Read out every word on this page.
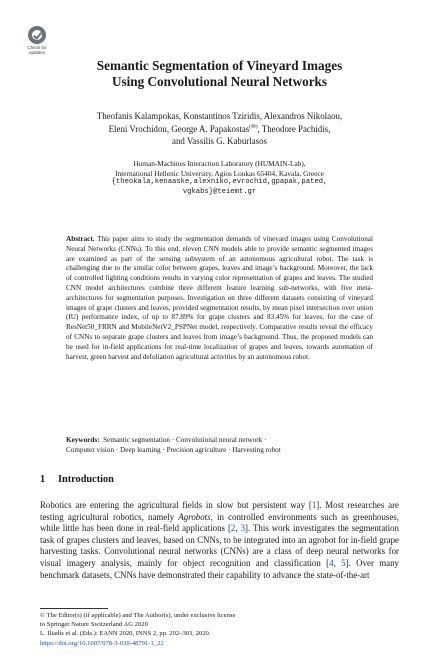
Check for
updates
Semantic Segmentation of Vineyard Images
Using Convolutional Neural Networks
Theofanis Kalampokas, Konstantinos Tziridis, Alexandros Nikolaou,
Eleni Vrochidou, George A. Papakostas(✉), Theodore Pachidis,
and Vassilis G. Kaburlasos
Human-Machines Interaction Laboratory (HUMAIN-Lab),
International Hellenic University, Agios Loukas 65404, Kavala, Greece
{theokala,kenaaske,alexniko,evrochid,gpapak,pated,
vgkabs}@teiemt.gr

Abstract. This paper aims to study the segmentation demands of vineyard images using Convolutional Neural Networks (CNNs). To this end, eleven CNN models able to provide semantic segmented images are examined as part of the sensing subsystem of an autonomous agricultural robot. The task is challenging due to the similar color between grapes, leaves and image’s background. Moreover, the lack of controlled lighting conditions results in varying color representation of grapes and leaves. The studied CNN model architectures combine three different feature learning sub-networks, with five meta-architectures for segmentation purposes. Investigation on three different datasets consisting of vineyard images of grape clusters and leaves, provided segmentation results, by mean pixel intersection over union (IU) performance index, of up to 87.89% for grape clusters and 83.45% for leaves, for the case of ResNet50_FRRN and MobileNetV2_PSPNet model, respectively. Comparative results reveal the efficacy of CNNs to separate grape clusters and leaves from image’s background. Thus, the proposed models can be used for in-field applications for real-time localization of grapes and leaves, towards automation of harvest, green harvest and defoliation agricultural activities by an autonomous robot.

Keywords: Semantic segmentation · Convolutional neural network ·
Computer vision · Deep learning · Precision agriculture · Harvesting robot
1 Introduction

Robotics are entering the agricultural fields in slow but persistent way [1]. Most researches are testing agricultural robotics, namely Agrobots, in controlled environments such as greenhouses, while little has been done in real-field applications [2, 3]. This work investigates the segmentation task of grapes clusters and leaves, based on CNNs, to be integrated into an agrobot for in-field grape harvesting tasks. Convolutional neural networks (CNNs) are a class of deep neural networks for visual imagery analysis, mainly for object recognition and classification [4, 5]. Over many benchmark datasets, CNNs have demonstrated their capability to advance the state-of-the-art

© The Editor(s) (if applicable) and The Author(s), under exclusive license
to Springer Nature Switzerland AG 2020
L. Iliadis et al. (Eds.): EANN 2020, INNS 2, pp. 292–303, 2020.
https://doi.org/10.1007/978-3-030-48791-1_22
